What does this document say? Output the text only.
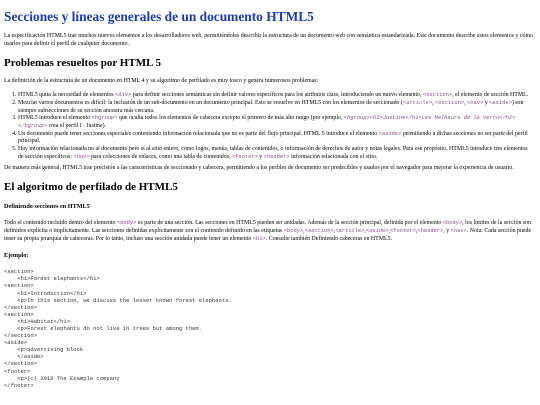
Secciones y líneas generales de un documento HTML5

La especificación HTML5 trae muchos nuevos elementos a los desarrolladores web, permitiéndoles describir la estructura de un documento web con semántica estandarizada. Este documento describe estos elementos y cómo usarlos para definir el perfil de cualquier documento.

Problemas resueltos por HTML 5

La definición de la estructura de un documento en HTML 4 y su algoritmo de perfilado es muy tosco y genera numerosos problemas:

1. HTML5 quita la necesidad de elementos <div> para definir secciones semánticas sin definir valores específicos para los atributos class, introduciendo un nuevo elemento, <section>, el elemento de sección HTML.
2. Mezclar varios documentos es difícil: la inclusión de un sub-documento en un documento principal. Esto se resuelve en HTML5 con los elementos de seccionado (<article>, <section>, <nav> y <aside>) son siempre subsecciones de su sección ancestra más cercana.
3. HTML5 introduce el elemento <hgroup> que oculta todos los elementos de cabecera excepto el primero de más alto rango (por ejemplo, <hgroup><h1>Justine</h1>Les Malheurs de la Vertu</h2></hgroup> crea el perfil I . Justine).
4. Un documento puede tener secciones especiales conteniendo información relacionada que no es parte del flujo principal. HTML 5 introduce el elemento <aside> permitiendo a dichas secciones no ser parte del perfil principal.
5. Hay información relacionada no al documento pero sí al sitio entero, como logos, menús, tablas de contenidos, o información de derechos de autor y notas legales. Para ese propósito, HTML5 introduce tres elementos de sección específicos: <nav> para colecciones de enlaces, como una tabla de contenidos, <footer> y <header> información relacionada con el sitio.

De manera más general, HTML5 trae precisión a las características de seccionado y cabecera, permitiendo a los perfiles de documento ser predecibles y usados por el navegador para mejorar la experiencia de usuario.

El algoritmo de perfilado de HTML5
Definiendo secciones en HTML5

Todo el contenido incluido dentro del elemento <body> es parte de una sección. Las secciones en HTML5 pueden ser anidadas. Además de la sección principal, definida por el elemento <body>, los límites de la sección son definidos explícita o implícitamente. Las secciones definidas explícitamente son el contenido definido en las etiquetas <body>,<section>,<article>,<aside>,<footer>,<header>, y <nav>. Nota: Cada sección puede tener su propia jerarquía de cabeceras. Por lo tanto, incluso una sección anidada puede tener un elemento <h1>. Consulte también Definiendo cabeceras en HTML5.

Ejemplo:
<section>
<h1>Forest elephants</h1>
<section>
<h1>Introduction</h1>
<p>In this section, we discuss the lesser known forest elephants.
</section>
<section>
<h1>Habitat</h1>
<p>Forest elephants do not live in trees but among them.
</section>
<aside>
<p>advertising block
</aside>
</section>
<footer>
<p>(c) 2010 The Example company
</footer>
